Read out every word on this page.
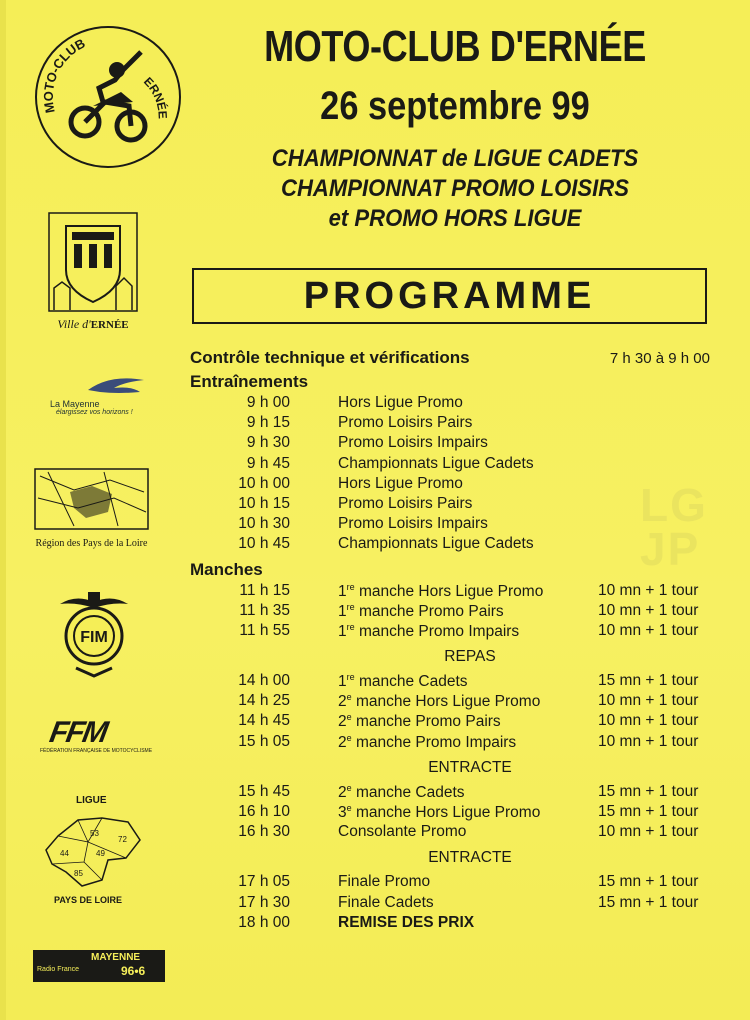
LG
JP
MOTO-CLUB
ERNÉE
Ville d'ERNÉE
La Mayenne
élargissez vos horizons !
Région des Pays de la Loire
FIM
FFM
FÉDÉRATION FRANÇAISE DE MOTOCYCLISME
LIGUE
53 72 44	49 85
PAYS DE LOIRE
Radio France
MAYENNE
96•6
MOTO-CLUB D'ERNÉE
26 septembre 99
CHAMPIONNAT de LIGUE CADETS
CHAMPIONNAT PROMO LOISIRS
et PROMO HORS LIGUE
PROGRAMME
Contrôle technique et vérifications	7 h 30 à 9 h 00
Entraînements
9 h 00	Hors Ligue Promo
9 h 15	Promo Loisirs Pairs
9 h 30	Promo Loisirs Impairs
9 h 45	Championnats Ligue Cadets
10 h 00	Hors Ligue Promo
10 h 15	Promo Loisirs Pairs
10 h 30	Promo Loisirs Impairs
10 h 45	Championnats Ligue Cadets
Manches
11 h 15	1re manche Hors Ligue Promo	10 mn + 1 tour
11 h 35	1re manche Promo Pairs	10 mn + 1 tour
11 h 55	1re manche Promo Impairs	10 mn + 1 tour
REPAS
14 h 00	1re manche Cadets	15 mn + 1 tour
14 h 25	2e manche Hors Ligue Promo	10 mn + 1 tour
14 h 45	2e manche Promo Pairs	10 mn + 1 tour
15 h 05	2e manche Promo Impairs	10 mn + 1 tour
ENTRACTE
15 h 45	2e manche Cadets	15 mn + 1 tour
16 h 10	3e manche Hors Ligue Promo	15 mn + 1 tour
16 h 30	Consolante Promo	10 mn + 1 tour
ENTRACTE
17 h 05	Finale Promo	15 mn + 1 tour
17 h 30	Finale Cadets	15 mn + 1 tour
18 h 00	REMISE DES PRIX
